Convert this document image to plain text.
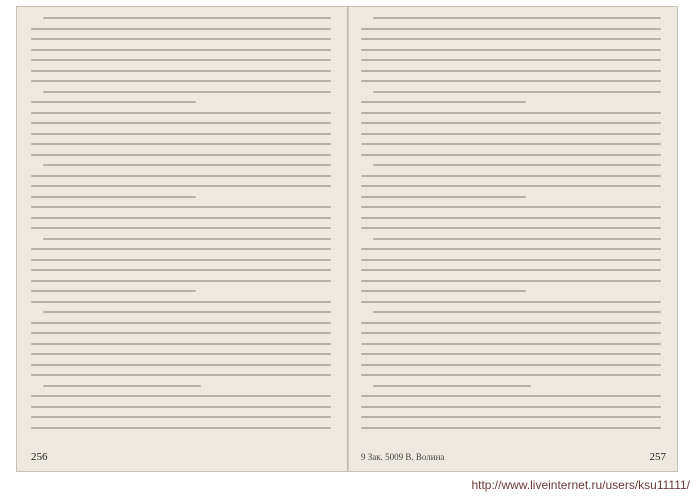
256	9 Зак. 5009 В. Волина	257
http://www.liveinternet.ru/users/ksu11111/
